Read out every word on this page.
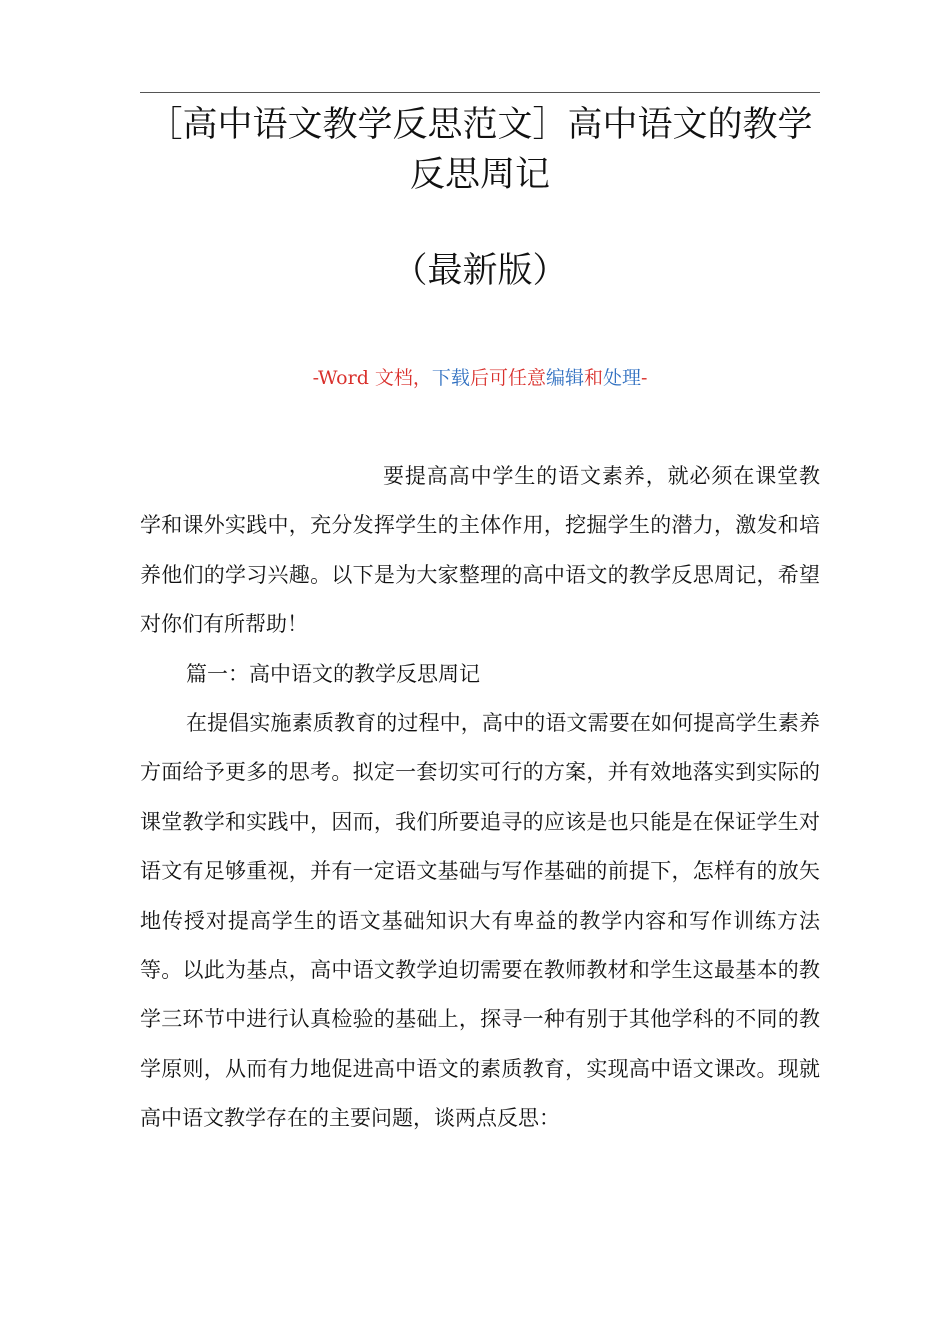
［高中语文教学反思范文］高中语文的教学
反思周记
（最新版）
-Word 文档，下载后可任意编辑和处理-

要提高高中学生的语文素养，就必须在课堂教学和课外实践中，充分发挥学生的主体作用，挖掘学生的潜力，激发和培养他们的学习兴趣。以下是为大家整理的高中语文的教学反思周记，希望对你们有所帮助！

篇一：高中语文的教学反思周记

在提倡实施素质教育的过程中，高中的语文需要在如何提高学生素养方面给予更多的思考。拟定一套切实可行的方案，并有效地落实到实际的课堂教学和实践中，因而，我们所要追寻的应该是也只能是在保证学生对语文有足够重视，并有一定语文基础与写作基础的前提下，怎样有的放矢地传授对提高学生的语文基础知识大有卑益的教学内容和写作训练方法等。以此为基点，高中语文教学迫切需要在教师教材和学生这最基本的教学三环节中进行认真检验的基础上，探寻一种有别于其他学科的不同的教学原则，从而有力地促进高中语文的素质教育，实现高中语文课改。现就高中语文教学存在的主要问题，谈两点反思：
